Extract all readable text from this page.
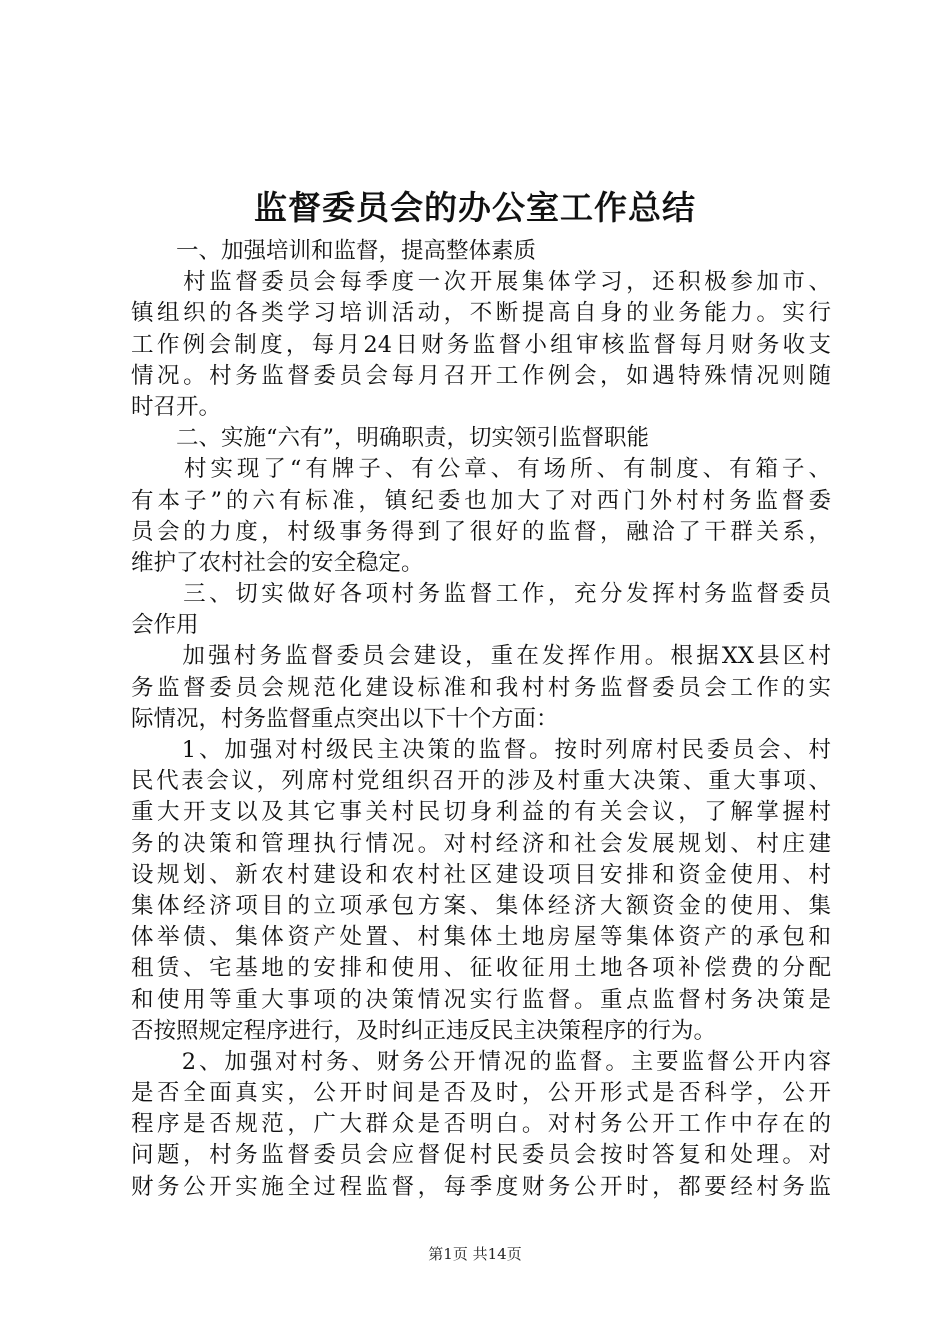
监督委员会的办公室工作总结
　　一、加强培训和监督，提高整体素质
　　村监督委员会每季度一次开展集体学习，还积极参加市、
镇组织的各类学习培训活动，不断提高自身的业务能力。实行
工作例会制度，每月24日财务监督小组审核监督每月财务收支
情况。村务监督委员会每月召开工作例会，如遇特殊情况则随
时召开。
　　二、实施“六有”，明确职责，切实领引监督职能
　　村实现了“有牌子、有公章、有场所、有制度、有箱子、
有本子”的六有标准，镇纪委也加大了对西门外村村务监督委
员会的力度，村级事务得到了很好的监督，融洽了干群关系，
维护了农村社会的安全稳定。
　　三、切实做好各项村务监督工作，充分发挥村务监督委员
会作用
　　加强村务监督委员会建设，重在发挥作用。根据XX县区村
务监督委员会规范化建设标准和我村村务监督委员会工作的实
际情况，村务监督重点突出以下十个方面：
　　1、加强对村级民主决策的监督。按时列席村民委员会、村
民代表会议，列席村党组织召开的涉及村重大决策、重大事项、
重大开支以及其它事关村民切身利益的有关会议，了解掌握村
务的决策和管理执行情况。对村经济和社会发展规划、村庄建
设规划、新农村建设和农村社区建设项目安排和资金使用、村
集体经济项目的立项承包方案、集体经济大额资金的使用、集
体举债、集体资产处置、村集体土地房屋等集体资产的承包和
租赁、宅基地的安排和使用、征收征用土地各项补偿费的分配
和使用等重大事项的决策情况实行监督。重点监督村务决策是
否按照规定程序进行，及时纠正违反民主决策程序的行为。
　　2、加强对村务、财务公开情况的监督。主要监督公开内容
是否全面真实，公开时间是否及时，公开形式是否科学，公开
程序是否规范，广大群众是否明白。对村务公开工作中存在的
问题，村务监督委员会应督促村民委员会按时答复和处理。对
财务公开实施全过程监督，每季度财务公开时，都要经村务监
第1页 共14页
